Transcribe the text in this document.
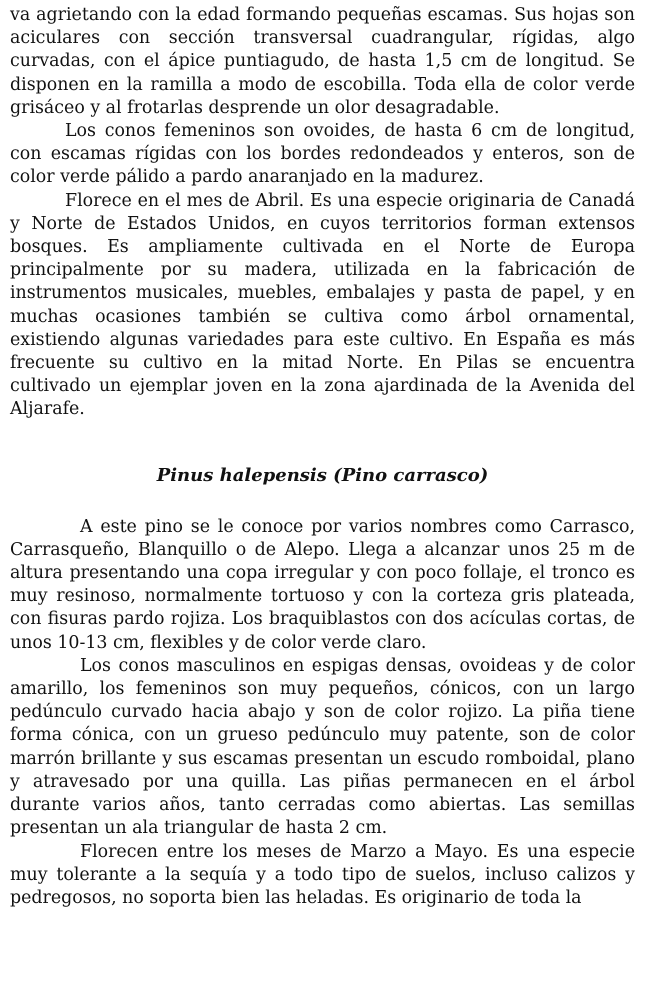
va agrietando con la edad formando pequeñas escamas. Sus hojas son aciculares con sección transversal cuadrangular, rígidas, algo curvadas, con el ápice puntiagudo, de hasta 1,5 cm de longitud. Se disponen en la ramilla a modo de escobilla. Toda ella de color verde grisáceo y al frotarlas desprende un olor desagradable.

Los conos femeninos son ovoides, de hasta 6 cm de longitud, con escamas rígidas con los bordes redondeados y enteros, son de color verde pálido a pardo anaranjado en la madurez.

Florece en el mes de Abril. Es una especie originaria de Canadá y Norte de Estados Unidos, en cuyos territorios forman extensos bosques. Es ampliamente cultivada en el Norte de Europa principalmente por su madera, utilizada en la fabricación de instrumentos musicales, muebles, embalajes y pasta de papel, y en muchas ocasiones también se cultiva como árbol ornamental, existiendo algunas variedades para este cultivo. En España es más frecuente su cultivo en la mitad Norte. En Pilas se encuentra cultivado un ejemplar joven en la zona ajardinada de la Avenida del Aljarafe.

Pinus halepensis (Pino carrasco)

A este pino se le conoce por varios nombres como Carrasco, Carrasqueño, Blanquillo o de Alepo. Llega a alcanzar unos 25 m de altura presentando una copa irregular y con poco follaje, el tronco es muy resinoso, normalmente tortuoso y con la corteza gris plateada, con fisuras pardo rojiza. Los braquiblastos con dos acículas cortas, de unos 10-13 cm, flexibles y de color verde claro.

Los conos masculinos en espigas densas, ovoideas y de color amarillo, los femeninos son muy pequeños, cónicos, con un largo pedúnculo curvado hacia abajo y son de color rojizo. La piña tiene forma cónica, con un grueso pedúnculo muy patente, son de color marrón brillante y sus escamas presentan un escudo romboidal, plano y atravesado por una quilla. Las piñas permanecen en el árbol durante varios años, tanto cerradas como abiertas. Las semillas presentan un ala triangular de hasta 2 cm.

Florecen entre los meses de Marzo a Mayo. Es una especie muy tolerante a la sequía y a todo tipo de suelos, incluso calizos y pedregosos, no soporta bien las heladas. Es originario de toda la
